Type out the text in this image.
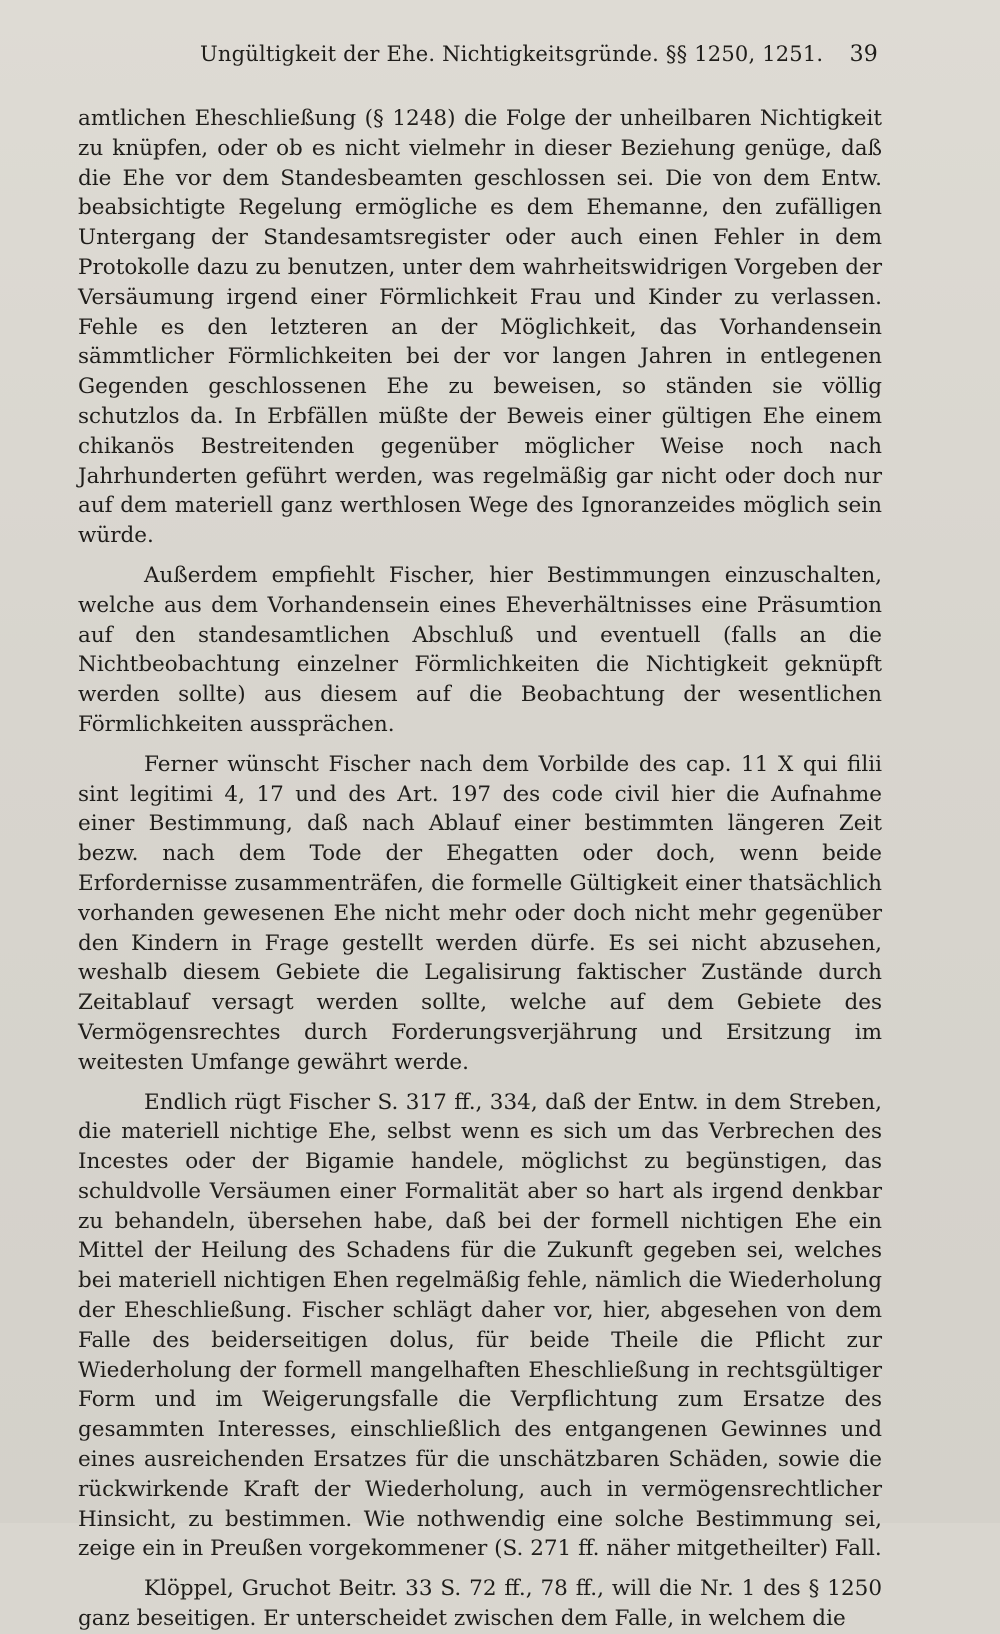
Ungültigkeit der Ehe. Nichtigkeitsgründe. §§ 1250, 1251. 39

amtlichen Eheschließung (§ 1248) die Folge der unheilbaren Nichtigkeit zu knüpfen, oder ob es nicht vielmehr in dieser Beziehung genüge, daß die Ehe vor dem Standesbeamten geschlossen sei. Die von dem Entw. beabsichtigte Regelung ermögliche es dem Ehemanne, den zufälligen Untergang der Standesamtsregister oder auch einen Fehler in dem Protokolle dazu zu benutzen, unter dem wahrheitswidrigen Vorgeben der Versäumung irgend einer Förmlichkeit Frau und Kinder zu verlassen. Fehle es den letzteren an der Möglichkeit, das Vorhandensein sämmtlicher Förmlichkeiten bei der vor langen Jahren in entlegenen Gegenden geschlossenen Ehe zu beweisen, so ständen sie völlig schutzlos da. In Erbfällen müßte der Beweis einer gültigen Ehe einem chikanös Bestreitenden gegenüber möglicher Weise noch nach Jahrhunderten geführt werden, was regelmäßig gar nicht oder doch nur auf dem materiell ganz werthlosen Wege des Ignoranzeides möglich sein würde.

Außerdem empfiehlt Fischer, hier Bestimmungen einzuschalten, welche aus dem Vorhandensein eines Eheverhältnisses eine Präsumtion auf den standesamtlichen Abschluß und eventuell (falls an die Nichtbeobachtung einzelner Förmlichkeiten die Nichtigkeit geknüpft werden sollte) aus diesem auf die Beobachtung der wesentlichen Förmlichkeiten aussprächen.

Ferner wünscht Fischer nach dem Vorbilde des cap. 11 X qui filii sint legitimi 4, 17 und des Art. 197 des code civil hier die Aufnahme einer Bestimmung, daß nach Ablauf einer bestimmten längeren Zeit bezw. nach dem Tode der Ehegatten oder doch, wenn beide Erfordernisse zusammenträfen, die formelle Gültigkeit einer thatsächlich vorhanden gewesenen Ehe nicht mehr oder doch nicht mehr gegenüber den Kindern in Frage gestellt werden dürfe. Es sei nicht abzusehen, weshalb diesem Gebiete die Legalisirung faktischer Zustände durch Zeitablauf versagt werden sollte, welche auf dem Gebiete des Vermögensrechtes durch Forderungsverjährung und Ersitzung im weitesten Umfange gewährt werde.

Endlich rügt Fischer S. 317 ff., 334, daß der Entw. in dem Streben, die materiell nichtige Ehe, selbst wenn es sich um das Verbrechen des Incestes oder der Bigamie handele, möglichst zu begünstigen, das schuldvolle Versäumen einer Formalität aber so hart als irgend denkbar zu behandeln, übersehen habe, daß bei der formell nichtigen Ehe ein Mittel der Heilung des Schadens für die Zukunft gegeben sei, welches bei materiell nichtigen Ehen regelmäßig fehle, nämlich die Wiederholung der Eheschließung. Fischer schlägt daher vor, hier, abgesehen von dem Falle des beiderseitigen dolus, für beide Theile die Pflicht zur Wiederholung der formell mangelhaften Eheschließung in rechtsgültiger Form und im Weigerungsfalle die Verpflichtung zum Ersatze des gesammten Interesses, einschließlich des entgangenen Gewinnes und eines ausreichenden Ersatzes für die unschätzbaren Schäden, sowie die rückwirkende Kraft der Wiederholung, auch in vermögensrechtlicher Hinsicht, zu bestimmen. Wie nothwendig eine solche Bestimmung sei, zeige ein in Preußen vorgekommener (S. 271 ff. näher mitgetheilter) Fall.

Klöppel, Gruchot Beitr. 33 S. 72 ff., 78 ff., will die Nr. 1 des § 1250 ganz beseitigen. Er unterscheidet zwischen dem Falle, in welchem die
